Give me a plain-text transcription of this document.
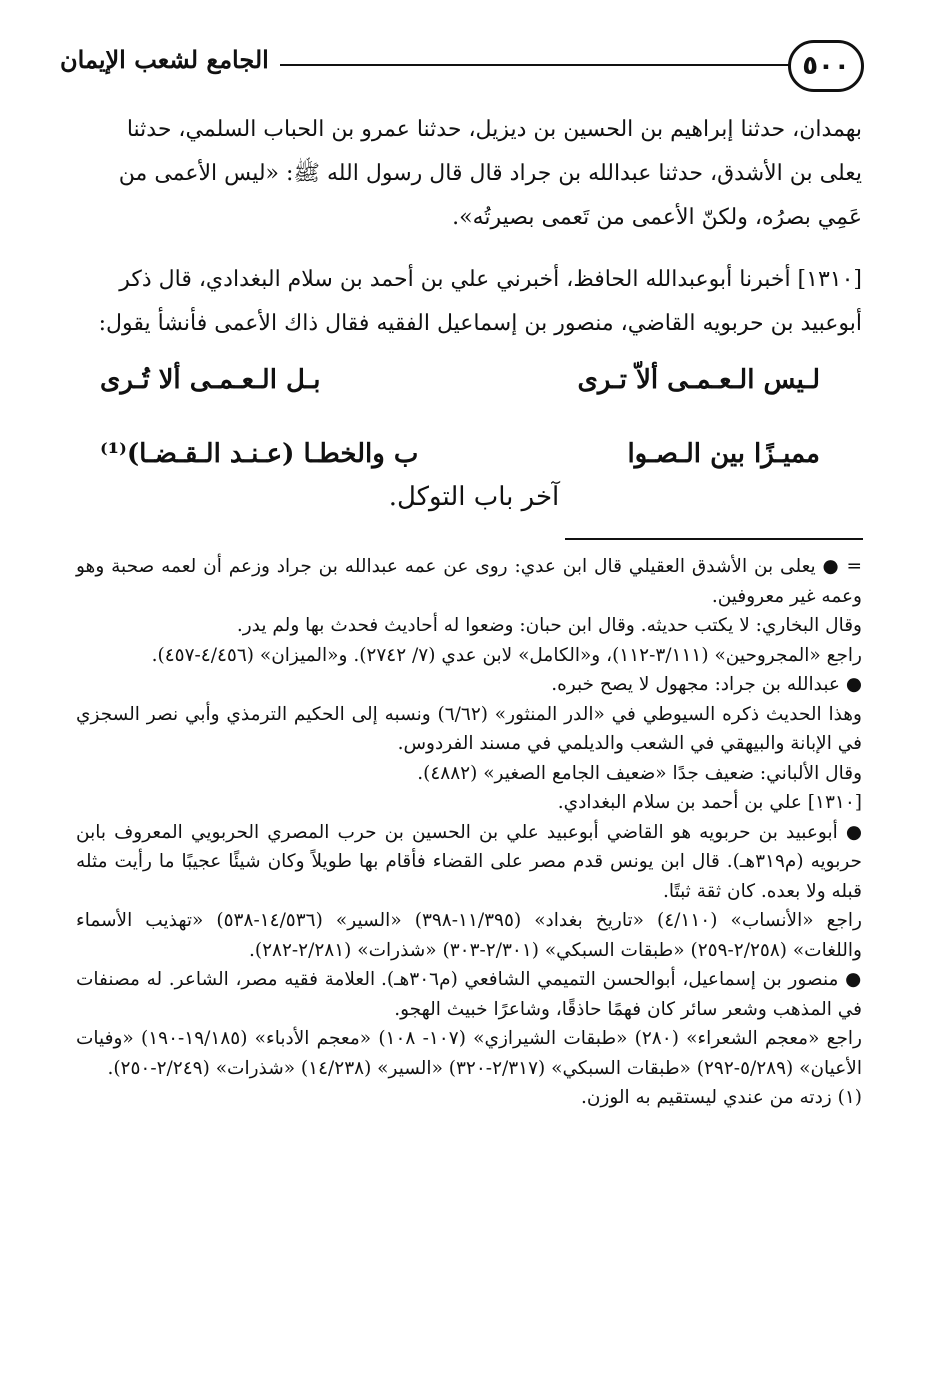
٥٠٠
الجامع لشعب الإيمان
بهمدان، حدثنا إبراهيم بن الحسين بن ديزيل، حدثنا عمرو بن الحباب السلمي، حدثنا
يعلى بن الأشدق، حدثنا عبدالله بن جراد قال قال رسول الله ﷺ: «ليس الأعمى من
عَمِي بصرُه، ولكنّ الأعمى من تَعمى بصيرتُه».
[١٣١٠] أخبرنا أبوعبدالله الحافظ، أخبرني علي بن أحمد بن سلام البغدادي، قال ذكر
أبوعبيد بن حربويه القاضي، منصور بن إسماعيل الفقيه فقال ذاك الأعمى فأنشأ يقول:
لـيس الـعـمـى ألاّ تـرى
بـل الـعـمـى ألا تُـرى
مميـزًا بين الـصـوا
ب والخطـا (عـنـد الـقـضـا)⁽¹⁾
آخر باب التوكل.

= ● يعلى بن الأشدق العقيلي قال ابن عدي: روى عن عمه عبدالله بن جراد وزعم أن لعمه صحبة وهو وعمه غير معروفين.

وقال البخاري: لا يكتب حديثه. وقال ابن حبان: وضعوا له أحاديث فحدث بها ولم يدر.

راجع «المجروحين» (٣/١١١-١١٢)، و«الكامل» لابن عدي (٧/ ٢٧٤٢). و«الميزان» (٤/٤٥٦-٤٥٧).

● عبدالله بن جراد: مجهول لا يصح خبره.

وهذا الحديث ذكره السيوطي في «الدر المنثور» (٦/٦٢) ونسبه إلى الحكيم الترمذي وأبي نصر السجزي في الإبانة والبيهقي في الشعب والديلمي في مسند الفردوس.

وقال الألباني: ضعيف جدًا «ضعيف الجامع الصغير» (٤٨٨٢).

[١٣١٠] علي بن أحمد بن سلام البغدادي.

● أبوعبيد بن حربويه هو القاضي أبوعبيد علي بن الحسين بن حرب المصري الحربويي المعروف بابن حربويه (م٣١٩هـ). قال ابن يونس قدم مصر على القضاء فأقام بها طويلاً وكان شيئًا عجيبًا ما رأيت مثله قبله ولا بعده. كان ثقة ثبتًا.

راجع «الأنساب» (٤/١١٠) «تاريخ بغداد» (١١/٣٩٥-٣٩٨) «السير» (١٤/٥٣٦-٥٣٨) «تهذيب الأسماء واللغات» (٢/٢٥٨-٢٥٩) «طبقات السبكي» (٢/٣٠١-٣٠٣) «شذرات» (٢/٢٨١-٢٨٢).

● منصور بن إسماعيل، أبوالحسن التميمي الشافعي (م٣٠٦هـ). العلامة فقيه مصر، الشاعر. له مصنفات في المذهب وشعر سائر كان فهمًا حاذقًا، وشاعرًا خبيث الهجو.

راجع «معجم الشعراء» (٢٨٠) «طبقات الشيرازي» (١٠٧- ١٠٨) «معجم الأدباء» (١٩/١٨٥-١٩٠) «وفيات الأعيان» (٥/٢٨٩-٢٩٢) «طبقات السبكي» (٢/٣١٧-٣٢٠) «السير» (١٤/٢٣٨) «شذرات» (٢/٢٤٩-٢٥٠).

(١) زدته من عندي ليستقيم به الوزن.
